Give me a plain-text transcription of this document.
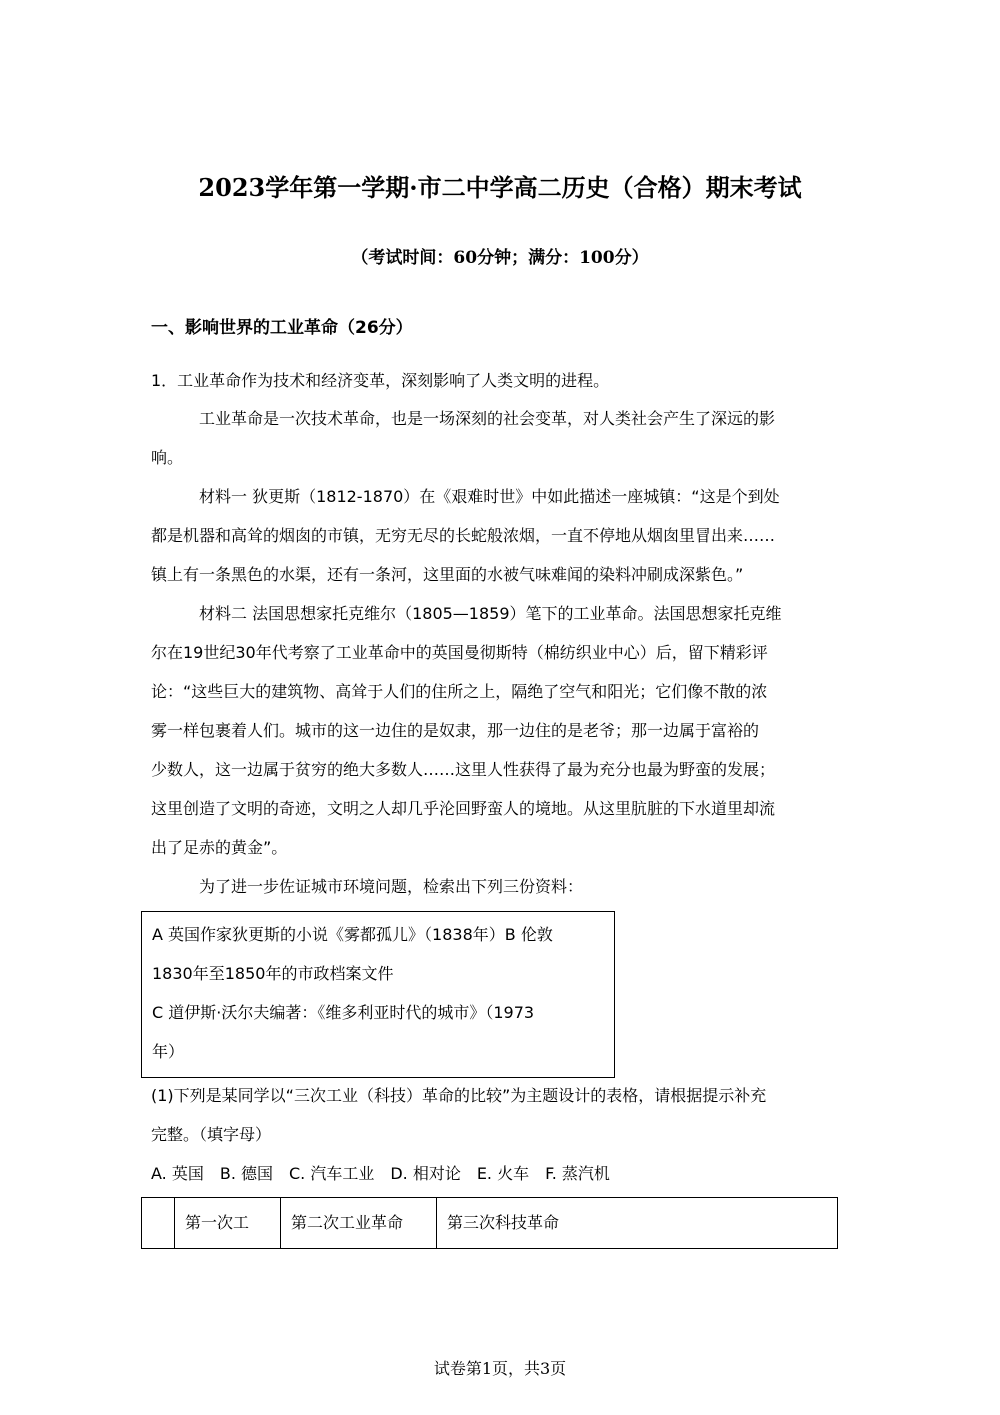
2023学年第一学期·市二中学高二历史（合格）期末考试
（考试时间：60分钟；满分：100分）
一、影响世界的工业革命（26分）
1．工业革命作为技术和经济变革，深刻影响了人类文明的进程。
工业革命是一次技术革命，也是一场深刻的社会变革，对人类社会产生了深远的影
响。
材料一 狄更斯（1812-1870）在《艰难时世》中如此描述一座城镇：“这是个到处
都是机器和高耸的烟囱的市镇，无穷无尽的长蛇般浓烟，一直不停地从烟囱里冒出来……
镇上有一条黑色的水渠，还有一条河，这里面的水被气味难闻的染料冲刷成深紫色。”
材料二 法国思想家托克维尔（1805—1859）笔下的工业革命。法国思想家托克维
尔在19世纪30年代考察了工业革命中的英国曼彻斯特（棉纺织业中心）后，留下精彩评
论：“这些巨大的建筑物、高耸于人们的住所之上，隔绝了空气和阳光；它们像不散的浓
雾一样包裹着人们。城市的这一边住的是奴隶，那一边住的是老爷；那一边属于富裕的
少数人，这一边属于贫穷的绝大多数人……这里人性获得了最为充分也最为野蛮的发展；
这里创造了文明的奇迹，文明之人却几乎沦回野蛮人的境地。从这里肮脏的下水道里却流
出了足赤的黄金”。
为了进一步佐证城市环境问题，检索出下列三份资料：
A 英国作家狄更斯的小说《雾都孤儿》（1838年）B 伦敦
1830年至1850年的市政档案文件
C 道伊斯·沃尔夫编著：《维多利亚时代的城市》（1973
年）
(1)下列是某同学以“三次工业（科技）革命的比较”为主题设计的表格，请根据提示补充
完整。（填字母）
A. 英国　B. 德国　C. 汽车工业　D. 相对论　E. 火车　F. 蒸汽机
第一次工	第二次工业革命	第三次科技革命
试卷第1页，共3页
